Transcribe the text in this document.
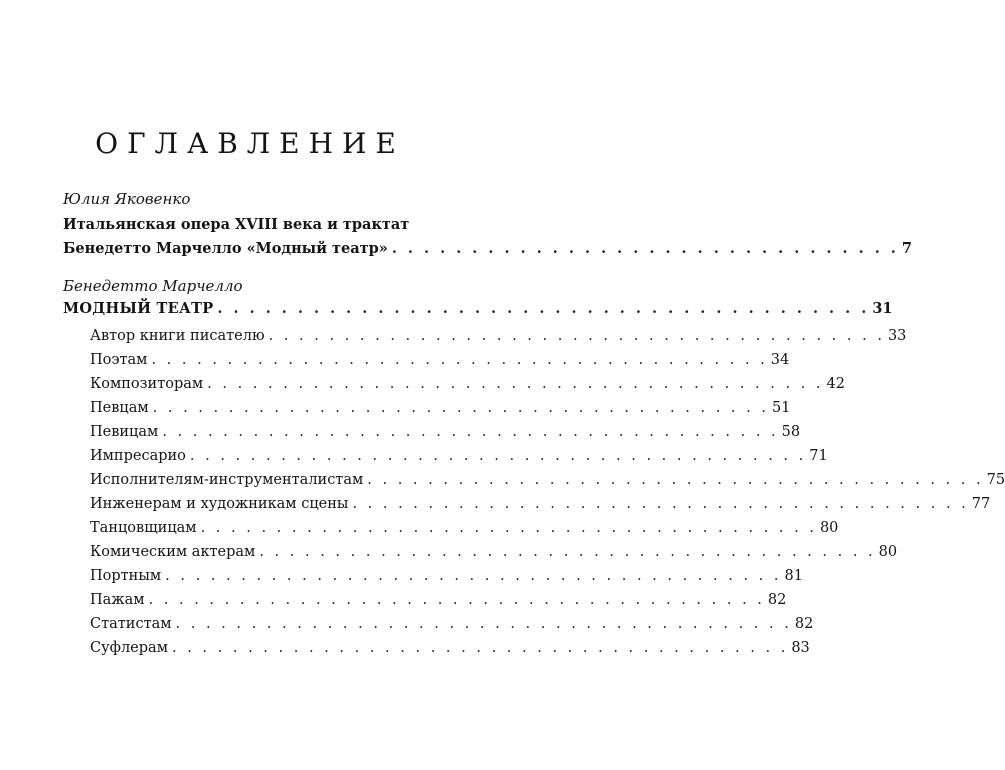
ОГЛАВЛЕНИЕ
Юлия Яковенко
Итальянская опера XVIII века и трактат
Бенедетто Марчелло «Модный театр» . . . . . . . . . . . . . . . . . . . . . . . . . . . . . . . . 7
Бенедетто Марчелло
МОДНЫЙ ТЕАТР . . . . . . . . . . . . . . . . . . . . . . . . . . . . . . . . . . . . . . . . . 31
Автор книги писателю . . . . . . . . . . . . . . . . . . . . . . . . . . . . . . . . . . . . . . . . . 33
Поэтам . . . . . . . . . . . . . . . . . . . . . . . . . . . . . . . . . . . . . . . . . 34
Композиторам . . . . . . . . . . . . . . . . . . . . . . . . . . . . . . . . . . . . . . . . . 42
Певцам . . . . . . . . . . . . . . . . . . . . . . . . . . . . . . . . . . . . . . . . . 51
Певицам . . . . . . . . . . . . . . . . . . . . . . . . . . . . . . . . . . . . . . . . . 58
Импресарио . . . . . . . . . . . . . . . . . . . . . . . . . . . . . . . . . . . . . . . . . 71
Исполнителям-инструменталистам . . . . . . . . . . . . . . . . . . . . . . . . . . . . . . . . . . . . . . . . . 75
Инженерам и художникам сцены . . . . . . . . . . . . . . . . . . . . . . . . . . . . . . . . . . . . . . . . . 77
Танцовщицам . . . . . . . . . . . . . . . . . . . . . . . . . . . . . . . . . . . . . . . . . 80
Комическим актерам . . . . . . . . . . . . . . . . . . . . . . . . . . . . . . . . . . . . . . . . . 80
Портным . . . . . . . . . . . . . . . . . . . . . . . . . . . . . . . . . . . . . . . . . 81
Пажам . . . . . . . . . . . . . . . . . . . . . . . . . . . . . . . . . . . . . . . . . 82
Статистам . . . . . . . . . . . . . . . . . . . . . . . . . . . . . . . . . . . . . . . . . 82
Суфлерам . . . . . . . . . . . . . . . . . . . . . . . . . . . . . . . . . . . . . . . . . 83
